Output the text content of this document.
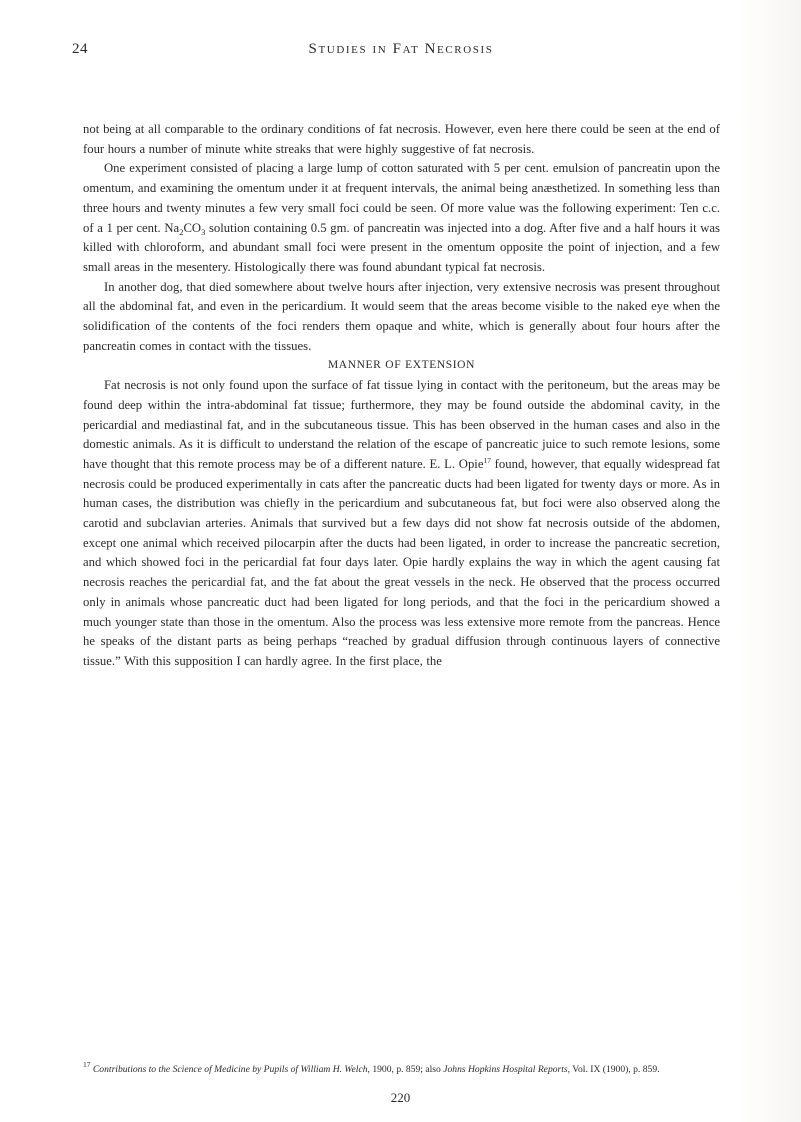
24	Studies in Fat Necrosis

not being at all comparable to the ordinary conditions of fat necrosis. However, even here there could be seen at the end of four hours a number of minute white streaks that were highly suggestive of fat necrosis.

One experiment consisted of placing a large lump of cotton saturated with 5 per cent. emulsion of pancreatin upon the omentum, and examining the omentum under it at frequent intervals, the animal being anæsthetized. In something less than three hours and twenty minutes a few very small foci could be seen. Of more value was the following experiment: Ten c.c. of a 1 per cent. $Na_2CO_3$ solution containing 0.5 gm. of pancreatin was injected into a dog. After five and a half hours it was killed with chloroform, and abundant small foci were present in the omentum opposite the point of injection, and a few small areas in the mesentery. Histologically there was found abundant typical fat necrosis.

In another dog, that died somewhere about twelve hours after injection, very extensive necrosis was present throughout all the abdominal fat, and even in the pericardium. It would seem that the areas become visible to the naked eye when the solidification of the contents of the foci renders them opaque and white, which is generally about four hours after the pancreatin comes in contact with the tissues.

MANNER OF EXTENSION

Fat necrosis is not only found upon the surface of fat tissue lying in contact with the peritoneum, but the areas may be found deep within the intra-abdominal fat tissue; furthermore, they may be found outside the abdominal cavity, in the pericardial and mediastinal fat, and in the subcutaneous tissue. This has been observed in the human cases and also in the domestic animals. As it is difficult to understand the relation of the escape of pancreatic juice to such remote lesions, some have thought that this remote process may be of a different nature. E. L. Opie$^{17}$ found, however, that equally widespread fat necrosis could be produced experimentally in cats after the pancreatic ducts had been ligated for twenty days or more. As in human cases, the distribution was chiefly in the pericardium and subcutaneous fat, but foci were also observed along the carotid and subclavian arteries. Animals that survived but a few days did not show fat necrosis outside of the abdomen, except one animal which received pilocarpin after the ducts had been ligated, in order to increase the pancreatic secretion, and which showed foci in the pericardial fat four days later. Opie hardly explains the way in which the agent causing fat necrosis reaches the pericardial fat, and the fat about the great vessels in the neck. He observed that the process occurred only in animals whose pancreatic duct had been ligated for long periods, and that the foci in the pericardium showed a much younger state than those in the omentum. Also the process was less extensive more remote from the pancreas. Hence he speaks of the distant parts as being perhaps “reached by gradual diffusion through continuous layers of connective tissue.” With this supposition I can hardly agree. In the first place, the

$^{17}$ Contributions to the Science of Medicine by Pupils of William H. Welch, 1900, p. 859; also Johns Hopkins Hospital Reports, Vol. IX (1900), p. 859.
220
